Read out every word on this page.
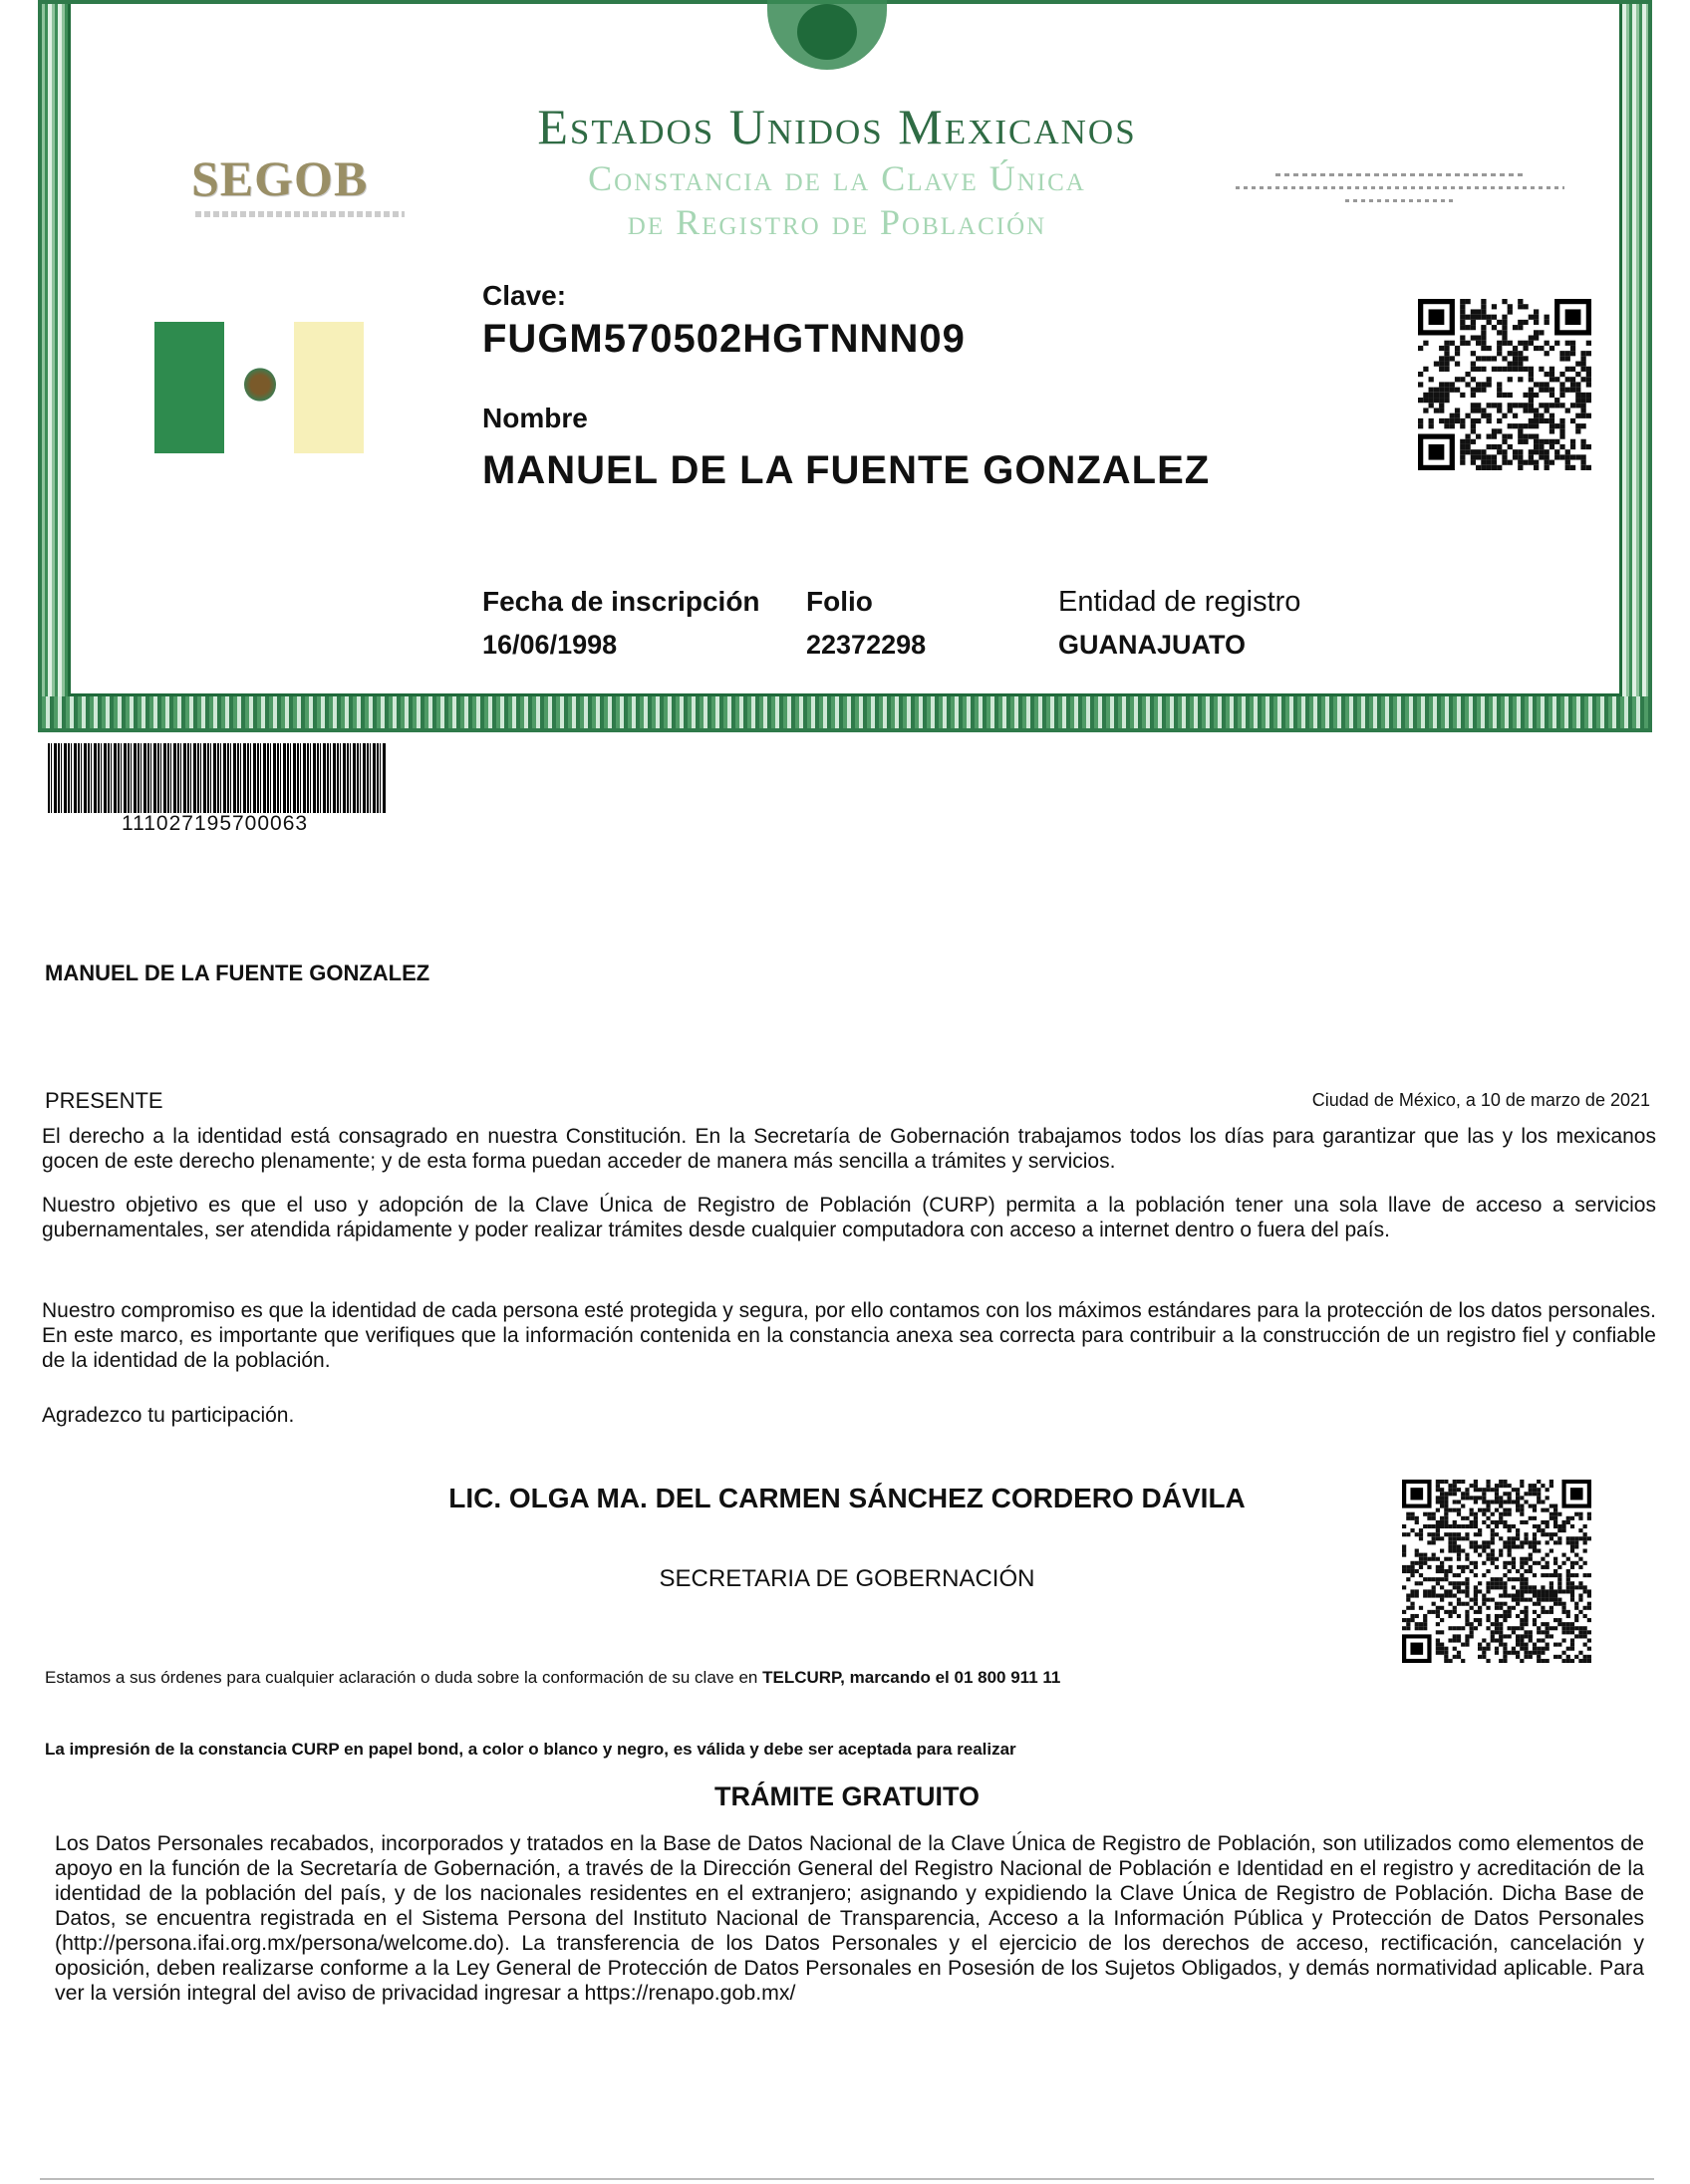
Estados Unidos Mexicanos
Constancia de la Clave Única
de Registro de Población
SEGOB
Clave:
FUGM570502HGTNNN09
Nombre
MANUEL DE LA FUENTE GONZALEZ
Fecha de inscripción
16/06/1998
Folio
22372298
Entidad de registro
GUANAJUATO
111027195700063
MANUEL DE LA FUENTE GONZALEZ
PRESENTE	Ciudad de México, a 10 de marzo de 2021
El derecho a la identidad está consagrado en nuestra Constitución. En la Secretaría de Gobernación trabajamos todos los días para garantizar que las y los mexicanos gocen de este derecho plenamente; y de esta forma puedan acceder de manera más sencilla a trámites y servicios.
Nuestro objetivo es que el uso y adopción de la Clave Única de Registro de Población (CURP) permita a la población tener una sola llave de acceso a servicios gubernamentales, ser atendida rápidamente y poder realizar trámites desde cualquier computadora con acceso a internet dentro o fuera del país.
Nuestro compromiso es que la identidad de cada persona esté protegida y segura, por ello contamos con los máximos estándares para la protección de los datos personales. En este marco, es importante que verifiques que la información contenida en la constancia anexa sea correcta para contribuir a la construcción de un registro fiel y confiable de la identidad de la población.
Agradezco tu participación.
LIC. OLGA MA. DEL CARMEN SÁNCHEZ CORDERO DÁVILA
SECRETARIA DE GOBERNACIÓN
Estamos a sus órdenes para cualquier aclaración o duda sobre la conformación de su clave en TELCURP, marcando el 01 800 911 11
La impresión de la constancia CURP en papel bond, a color o blanco y negro, es válida y debe ser aceptada para realizar
TRÁMITE GRATUITO
Los Datos Personales recabados, incorporados y tratados en la Base de Datos Nacional de la Clave Única de Registro de Población, son utilizados como elementos de apoyo en la función de la Secretaría de Gobernación, a través de la Dirección General del Registro Nacional de Población e Identidad en el registro y acreditación de la identidad de la población del país, y de los nacionales residentes en el extranjero; asignando y expidiendo la Clave Única de Registro de Población. Dicha Base de Datos, se encuentra registrada en el Sistema Persona del Instituto Nacional de Transparencia, Acceso a la Información Pública y Protección de Datos Personales (http://persona.ifai.org.mx/persona/welcome.do). La transferencia de los Datos Personales y el ejercicio de los derechos de acceso, rectificación, cancelación y oposición, deben realizarse conforme a la Ley General de Protección de Datos Personales en Posesión de los Sujetos Obligados, y demás normatividad aplicable. Para ver la versión integral del aviso de privacidad ingresar a https://renapo.gob.mx/
